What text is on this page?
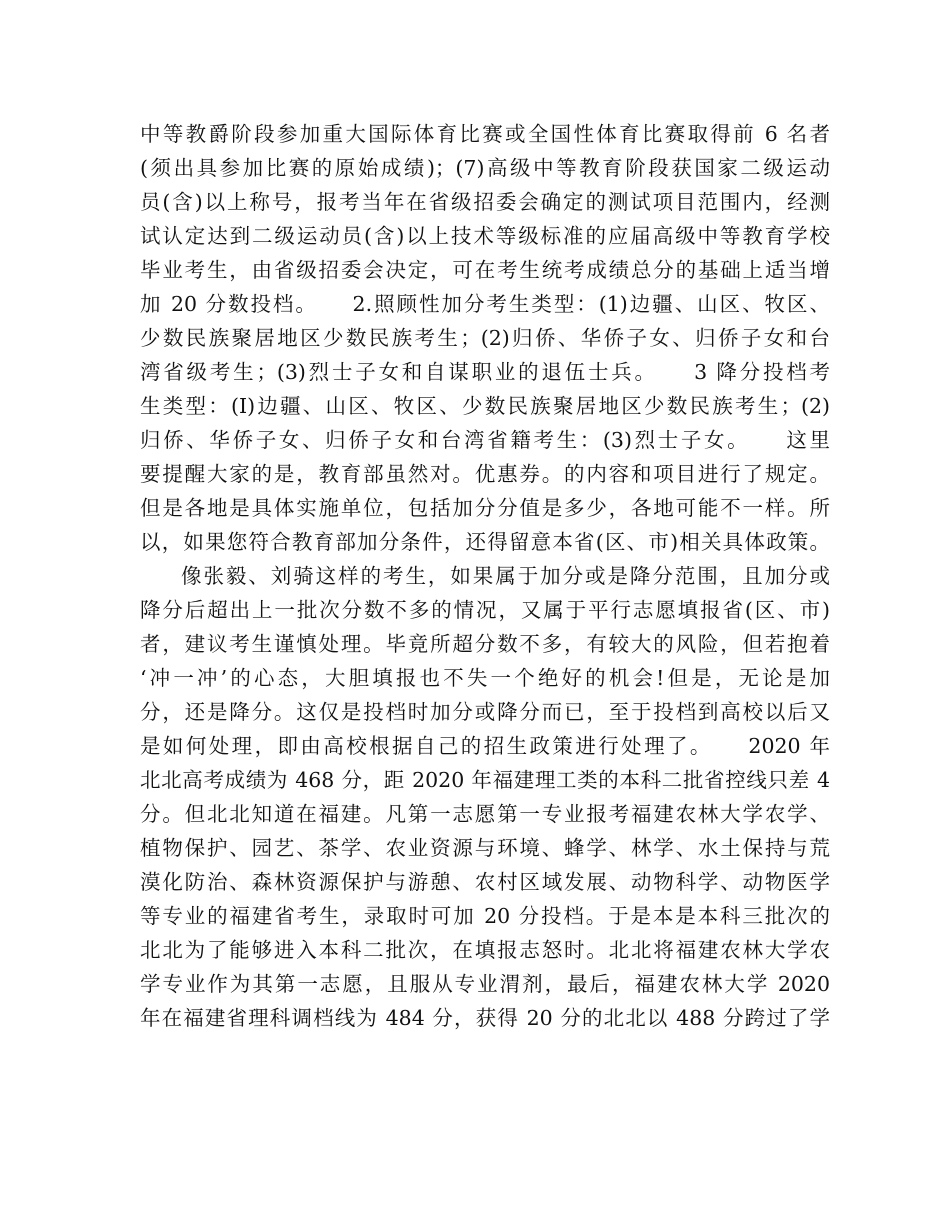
中等教爵阶段参加重大国际体育比赛或全国性体育比赛取得前 6 名者
(须出具参加比赛的原始成绩)；(7)高级中等教育阶段获国家二级运动
员(含)以上称号，报考当年在省级招委会确定的测试项目范围内，经测
试认定达到二级运动员(含)以上技术等级标准的应届高级中等教育学校
毕业考生，由省级招委会决定，可在考生统考成绩总分的基础上适当增
加 20 分数投档。　　2.照顾性加分考生类型：(1)边疆、山区、牧区、
少数民族聚居地区少数民族考生；(2)归侨、华侨子女、归侨子女和台
湾省级考生；(3)烈士子女和自谋职业的退伍士兵。　　3 降分投档考
生类型：(I)边疆、山区、牧区、少数民族聚居地区少数民族考生；(2)
归侨、华侨子女、归侨子女和台湾省籍考生：(3)烈士子女。　　这里
要提醒大家的是，教育部虽然对。优惠券。的内容和项目进行了规定。
但是各地是具体实施单位，包括加分分值是多少，各地可能不一样。所
以，如果您符合教育部加分条件，还得留意本省(区、市)相关具体政策。
像张毅、刘骑这样的考生，如果属于加分或是降分范围，且加分或
降分后超出上一批次分数不多的情况，又属于平行志愿填报省(区、市)
者，建议考生谨慎处理。毕竟所超分数不多，有较大的风险，但若抱着
‘冲一冲’的心态，大胆填报也不失一个绝好的机会!但是，无论是加
分，还是降分。这仅是投档时加分或降分而已，至于投档到高校以后又
是如何处理，即由高校根据自己的招生政策进行处理了。　　2020 年
北北高考成绩为 468 分，距 2020 年福建理工类的本科二批省控线只差 4
分。但北北知道在福建。凡第一志愿第一专业报考福建农林大学农学、
植物保护、园艺、茶学、农业资源与环境、蜂学、林学、水土保持与荒
漠化防治、森林资源保护与游憩、农村区域发展、动物科学、动物医学
等专业的福建省考生，录取时可加 20 分投档。于是本是本科三批次的
北北为了能够进入本科二批次，在填报志怒时。北北将福建农林大学农
学专业作为其第一志愿，且服从专业渭剂，最后，福建农林大学 2020
年在福建省理科调档线为 484 分，获得 20 分的北北以 488 分跨过了学
